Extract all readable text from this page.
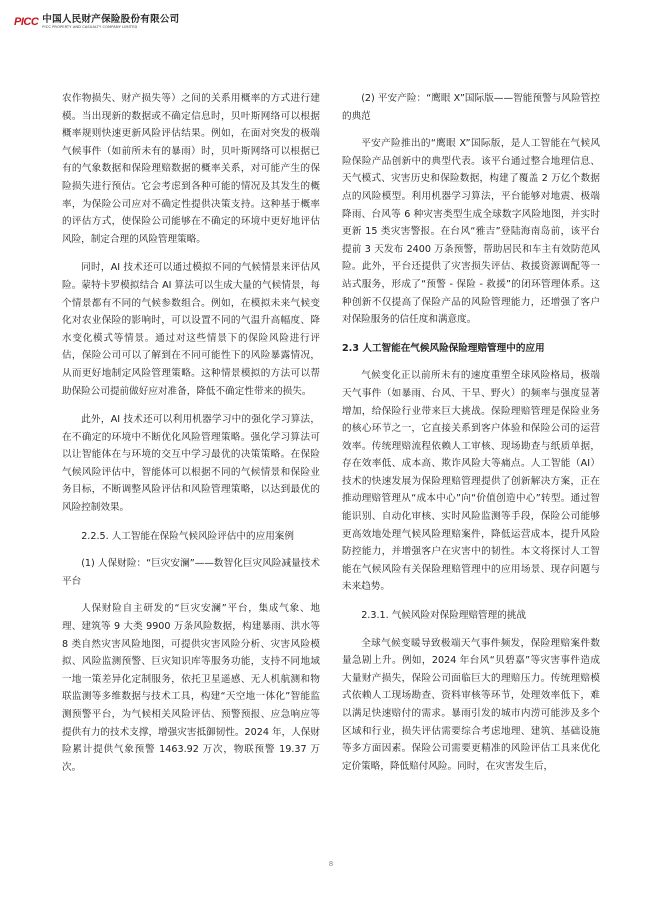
PICC 中国人民财产保险股份有限公司
PICC PROPERTY AND CASUALTY COMPANY LIMITED

农作物损失、财产损失等）之间的关系用概率的方式进行建模。当出现新的数据或不确定信息时，贝叶斯网络可以根据概率规则快速更新风险评估结果。例如，在面对突发的极端气候事件（如前所未有的暴雨）时，贝叶斯网络可以根据已有的气象数据和保险理赔数据的概率关系，对可能产生的保险损失进行预估。它会考虑到各种可能的情况及其发生的概率，为保险公司应对不确定性提供决策支持。这种基于概率的评估方式，使保险公司能够在不确定的环境中更好地评估风险，制定合理的风险管理策略。

同时，AI 技术还可以通过模拟不同的气候情景来评估风险。蒙特卡罗模拟结合 AI 算法可以生成大量的气候情景，每个情景都有不同的气候参数组合。例如，在模拟未来气候变化对农业保险的影响时，可以设置不同的气温升高幅度、降水变化模式等情景。通过对这些情景下的保险风险进行评估，保险公司可以了解到在不同可能性下的风险暴露情况，从而更好地制定风险管理策略。这种情景模拟的方法可以帮助保险公司提前做好应对准备，降低不确定性带来的损失。

此外，AI 技术还可以利用机器学习中的强化学习算法，在不确定的环境中不断优化风险管理策略。强化学习算法可以让智能体在与环境的交互中学习最优的决策策略。在保险气候风险评估中，智能体可以根据不同的气候情景和保险业务目标，不断调整风险评估和风险管理策略，以达到最优的风险控制效果。

2.2.5. 人工智能在保险气候风险评估中的应用案例
(1) 人保财险：“巨灾安澜”——数智化巨灾风险减量技术平台

人保财险自主研发的“巨灾安澜”平台，集成气象、地理、建筑等 9 大类 9900 万条风险数据，构建暴雨、洪水等 8 类自然灾害风险地图，可提供灾害风险分析、灾害风险模拟、风险监测预警、巨灾知识库等服务功能，支持不同地域一地一策差异化定制服务，依托卫星遥感、无人机航测和物联监测等多维数据与技术工具，构建“天空地一体化”智能监测预警平台，为气候相关风险评估、预警预报、应急响应等提供有力的技术支撑，增强灾害抵御韧性。2024 年，人保财险累计提供气象预警 1463.92 万次，物联预警 19.37 万次。

(2) 平安产险：“鹰眼 X”国际版——智能预警与风险管控的典范

平安产险推出的“鹰眼 X”国际版，是人工智能在气候风险保险产品创新中的典型代表。该平台通过整合地理信息、天气模式、灾害历史和保险数据，构建了覆盖 2 万亿个数据点的风险模型。利用机器学习算法，平台能够对地震、极端降雨、台风等 6 种灾害类型生成全球数字风险地图，并实时更新 15 类灾害警报。在台风“雅吉”登陆海南岛前，该平台提前 3 天发布 2400 万条预警，帮助居民和车主有效防范风险。此外，平台还提供了灾害损失评估、救援资源调配等一站式服务，形成了“预警 - 保险 - 救援”的闭环管理体系。这种创新不仅提高了保险产品的风险管理能力，还增强了客户对保险服务的信任度和满意度。

2.3 人工智能在气候风险保险理赔管理中的应用

气候变化正以前所未有的速度重塑全球风险格局，极端天气事件（如暴雨、台风、干旱、野火）的频率与强度显著增加，给保险行业带来巨大挑战。保险理赔管理是保险业务的核心环节之一，它直接关系到客户体验和保险公司的运营效率。传统理赔流程依赖人工审核、现场勘查与纸质单据，存在效率低、成本高、欺诈风险大等痛点。人工智能（AI）技术的快速发展为保险理赔管理提供了创新解决方案，正在推动理赔管理从“成本中心”向“价值创造中心”转型。通过智能识别、自动化审核、实时风险监测等手段，保险公司能够更高效地处理气候风险理赔案件，降低运营成本，提升风险防控能力，并增强客户在灾害中的韧性。本文将探讨人工智能在气候风险有关保险理赔管理中的应用场景、现存问题与未来趋势。

2.3.1. 气候风险对保险理赔管理的挑战

全球气候变暖导致极端天气事件频发，保险理赔案件数量急剧上升。例如，2024 年台风“贝碧嘉”等灾害事件造成大量财产损失，保险公司面临巨大的理赔压力。传统理赔模式依赖人工现场勘查、资料审核等环节，处理效率低下，难以满足快速赔付的需求。暴雨引发的城市内涝可能涉及多个区域和行业，损失评估需要综合考虑地理、建筑、基础设施等多方面因素。保险公司需要更精准的风险评估工具来优化定价策略，降低赔付风险。同时，在灾害发生后，

8
